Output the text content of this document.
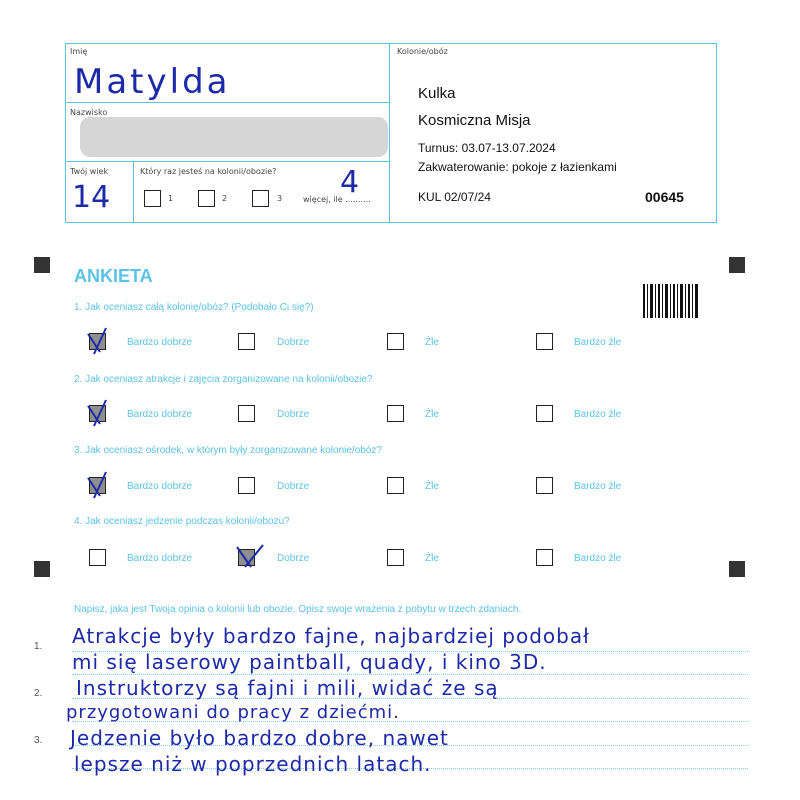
Imię
Matylda
Nazwisko
Twój wiek
14
Który raz jesteś na kolonii/obozie?
1	2	3	więcej, ile ..........
4
Kolonie/obóz
Kulka
Kosmiczna Misja
Turnus: 03.07-13.07.2024
Zakwaterowanie: pokoje z łazienkami
KUL 02/07/24	00645
ANKIETA
1. Jak oceniasz całą kolonię/obóz? (Podobało Ci się?)
Bardzo dobrze	Dobrze	Źle	Bardzo źle
2. Jak oceniasz atrakcje i zajęcia zorganizowane na kolonii/obozie?
Bardzo dobrze	Dobrze	Źle	Bardzo źle
3. Jak oceniasz ośrodek, w którym były zorganizowane kolonie/obóz?
Bardzo dobrze	Dobrze	Źle	Bardzo źle
4. Jak oceniasz jedzenie podczas kolonii/obozu?
Bardzo dobrze	Dobrze	Źle	Bardzo źle
Napisz, jaka jest Twoja opinia o kolonii lub obozie. Opisz swoje wrażenia z pobytu w trzech zdaniach.
1.
2.
3.
Atrakcje były bardzo fajne, najbardziej podobał
mi się laserowy paintball, quady, i kino 3D.
Instruktorzy są fajni i mili, widać że są
przygotowani do pracy z dziećmi.
Jedzenie było bardzo dobre, nawet
lepsze niż w poprzednich latach.
